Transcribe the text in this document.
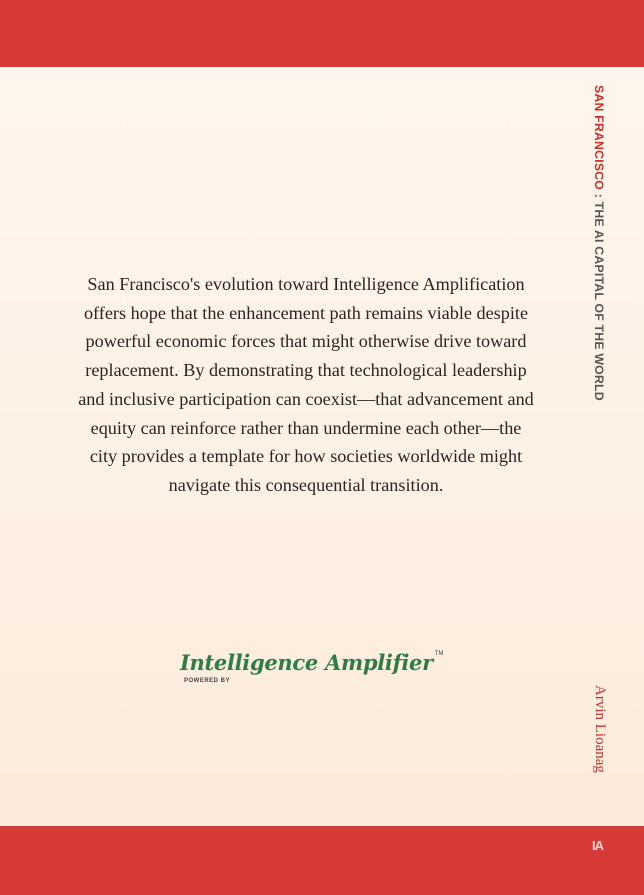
SAN FRANCISCO : THE AI CAPITAL OF THE WORLD
San Francisco's evolution toward Intelligence Amplification offers hope that the enhancement path remains viable despite powerful economic forces that might otherwise drive toward replacement. By demonstrating that technological leadership and inclusive participation can coexist—that advancement and equity can reinforce rather than undermine each other—the city provides a template for how societies worldwide might navigate this consequential transition.
Intelligence Amplifier TM
POWERED BY
Arvin Lioanag
IA
